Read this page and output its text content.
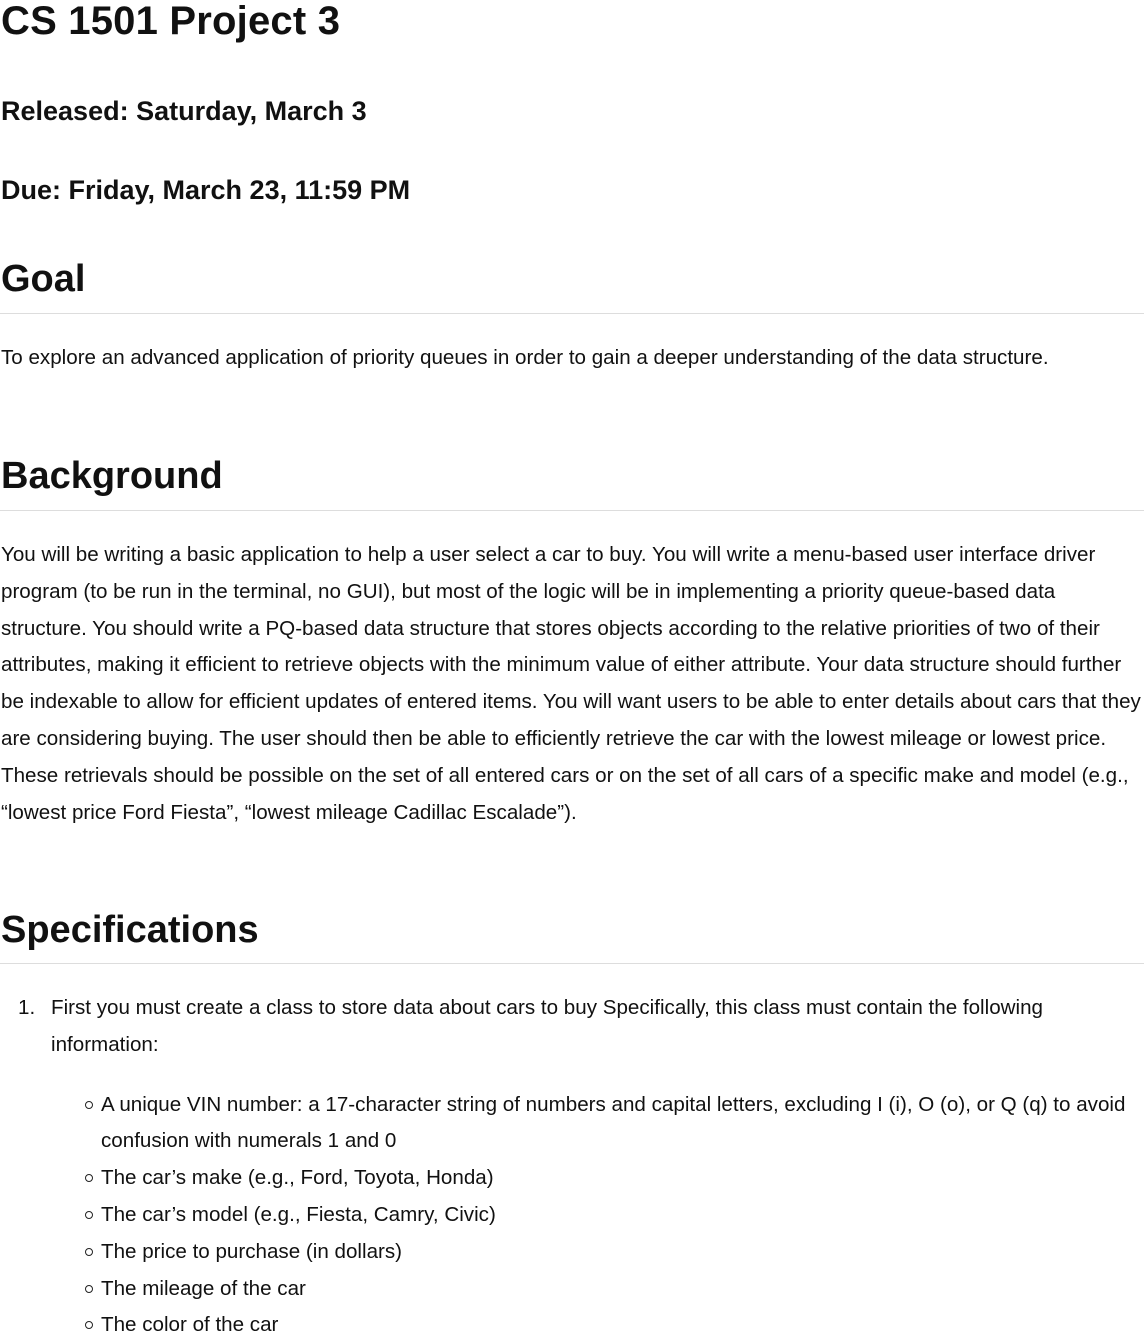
CS 1501 Project 3
Released: Saturday, March 3
Due: Friday, March 23, 11:59 PM
Goal

To explore an advanced application of priority queues in order to gain a deeper understanding of the data structure.

Background

You will be writing a basic application to help a user select a car to buy. You will write a menu-based user interface driver program (to be run in the terminal, no GUI), but most of the logic will be in implementing a priority queue-based data structure. You should write a PQ-based data structure that stores objects according to the relative priorities of two of their attributes, making it efficient to retrieve objects with the minimum value of either attribute. Your data structure should further be indexable to allow for efficient updates of entered items. You will want users to be able to enter details about cars that they are considering buying. The user should then be able to efficiently retrieve the car with the lowest mileage or lowest price. These retrievals should be possible on the set of all entered cars or on the set of all cars of a specific make and model (e.g., “lowest price Ford Fiesta”, “lowest mileage Cadillac Escalade”).

Specifications
1. First you must create a class to store data about cars to buy Specifically, this class must contain the following information:
A unique VIN number: a 17-character string of numbers and capital letters, excluding I (i), O (o), or Q (q) to avoid confusion with numerals 1 and 0
The car’s make (e.g., Ford, Toyota, Honda)
The car’s model (e.g., Fiesta, Camry, Civic)
The price to purchase (in dollars)
The mileage of the car
The color of the car
